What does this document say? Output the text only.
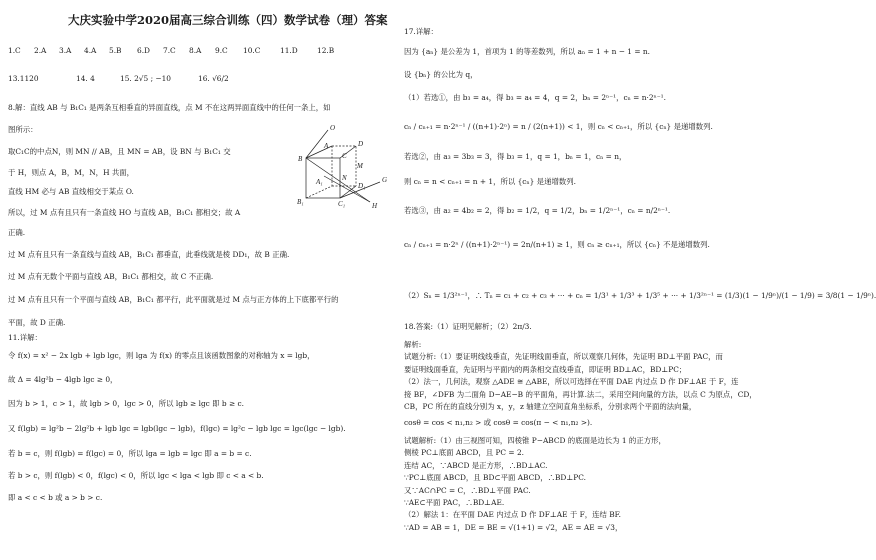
大庆实验中学2020届高三综合训练（四）数学试卷（理）答案
1.C 2.A 3.A 4.A 5.B 6.D 7.C 8.A 9.C 10.C	11.D	12.B
13.1120	14. 4	15. 2√5 ; −10	16. √6/2
8.解：直线 AB 与 B₁C₁ 是两条互相垂直的异面直线，点 M 不在这两异面直线中的任何一条上，如
图所示：
取C₁C的中点N，则 MN // AB，且 MN = AB，设 BN 与 B₁C₁ 交
于 H，则点 A，B，M，N，H 共面，
直线 HM 必与 AB 直线相交于某点 O.
所以，过 M 点有且只有一条直线 HO 与直线 AB，B₁C₁ 都相交；故 A
正确.
过 M 点有且只有一条直线与直线 AB，B₁C₁ 都垂直，此垂线就是棱 DD₁，故 B 正确.
过 M 点有无数个平面与直线 AB，B₁C₁ 都相交，故 C 不正确.
过 M 点有且只有一个平面与直线 AB，B₁C₁ 都平行，此平面就是过 M 点与正方体的上下底都平行的
平面，故 D 正确.
11.详解：
令 f(x) = x² − 2x lgb + lgb lgc，则 lga 为 f(x) 的零点且该函数图象的对称轴为 x = lgb，
故 Δ = 4lg²b − 4lgb lgc ≥ 0，
因为 b > 1，c > 1，故 lgb > 0，lgc > 0，所以 lgb ≥ lgc 即 b ≥ c.
又 f(lgb) = lg²b − 2lg²b + lgb lgc = lgb(lgc − lgb)，f(lgc) = lg²c − lgb lgc = lgc(lgc − lgb).
若 b = c，则 f(lgb) = f(lgc) = 0，所以 lga = lgb = lgc 即 a = b = c.
若 b > c，则 f(lgb) < 0，f(lgc) < 0，所以 lgc < lga < lgb 即 c < a < b.
即 a < c < b 或 a > b > c.
O
A	D
B	C
M
N
A₁	D₁
B₁	C₁	H
G
17.详解：
因为 {aₙ} 是公差为 1，首项为 1 的等差数列，所以 aₙ = 1 + n − 1 = n.
设 {bₙ} 的公比为 q，
（1）若选①，由 b₃ = a₄，得 b₃ = a₄ = 4，q = 2，bₙ = 2ⁿ⁻¹，cₙ = n·2ⁿ⁻¹.
cₙ / cₙ₊₁ = n·2ⁿ⁻¹ / ((n+1)·2ⁿ) = n / (2(n+1)) < 1，则 cₙ < cₙ₊₁，所以 {cₙ} 是递增数列.
若选②，由 a₃ = 3b₃ = 3，得 b₃ = 1，q = 1，bₙ = 1，cₙ = n，
则 cₙ = n < cₙ₊₁ = n + 1，所以 {cₙ} 是递增数列.
若选③，由 a₂ = 4b₂ = 2，得 b₂ = 1/2，q = 1/2，bₙ = 1/2ⁿ⁻¹，cₙ = n/2ⁿ⁻¹.
cₙ / cₙ₊₁ = n·2ⁿ / ((n+1)·2ⁿ⁻¹) = 2n/(n+1) ≥ 1，则 cₙ ≥ cₙ₊₁，所以 {cₙ} 不是递增数列.
（2）Sₙ = 1/3²ⁿ⁻¹，∴ Tₙ = c₁ + c₂ + c₃ + ··· + cₙ = 1/3¹ + 1/3³ + 1/3⁵ + ··· + 1/3²ⁿ⁻¹ = (1/3)(1 − 1/9ⁿ)/(1 − 1/9) = 3/8(1 − 1/9ⁿ).
18.答案:（1）证明见解析；（2）2π/3.
解析:
试题分析:（1）要证明线线垂直，先证明线面垂直，所以观察几何体，先证明 BD⊥平面 PAC，而
要证明线面垂直，先证明与平面内的两条相交直线垂直，即证明 BD⊥AC，BD⊥PC；
（2）法一，几何法，观察 △ADE ≅ △ABE，所以可选择在平面 DAE 内过点 D 作 DF⊥AE 于 F，连
接 BF，∠DFB 为二面角 D−AE−B 的平面角，再计算.法二，采用空间向量的方法，以点 C 为原点，CD，
CB，PC 所在的直线分别为 x，y，z 轴建立空间直角坐标系，分别求两个平面的法向量，
cosθ = cos < n₁,n₂ > 或 cosθ = cos(π − < n₁,n₂ >).
试题解析:（1）由三视图可知，四棱锥 P−ABCD 的底面是边长为 1 的正方形，
侧棱 PC⊥底面 ABCD，且 PC = 2.
连结 AC，∵ABCD 是正方形，∴BD⊥AC.
∵PC⊥底面 ABCD，且 BD⊂平面 ABCD，∴BD⊥PC.
又∵AC∩PC = C，∴BD⊥平面 PAC.
∵AE⊂平面 PAC，∴BD⊥AE.
（2）解法 1：在平面 DAE 内过点 D 作 DF⊥AE 于 F，连结 BF.
∵AD = AB = 1，DE = BE = √(1+1) = √2，AE = AE = √3，
